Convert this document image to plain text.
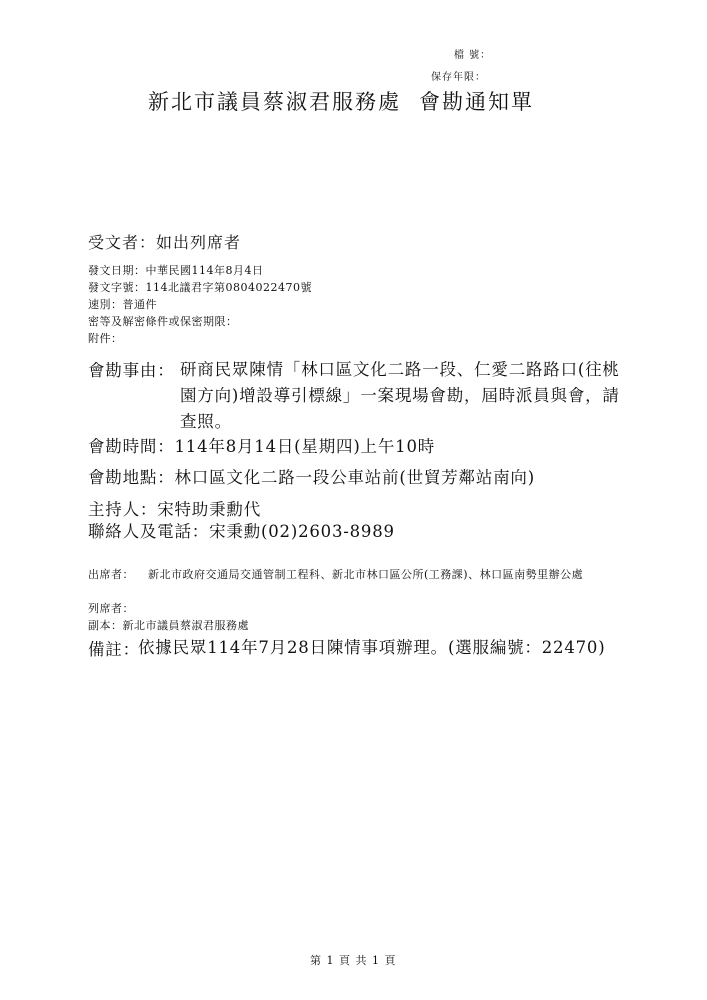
檔 號：
保存年限：
新北市議員蔡淑君服務處 會勘通知單
受文者：如出列席者
發文日期：中華民國114年8月4日
發文字號：114北議君字第0804022470號
速別：普通件
密等及解密條件或保密期限：
附件：
會勘事由： 研商民眾陳情「林口區文化二路一段、仁愛二路路口(往桃園方向)增設導引標線」一案現場會勘，屆時派員與會，請查照。
會勘時間：114年8月14日(星期四)上午10時
會勘地點：林口區文化二路一段公車站前(世貿芳鄰站南向)
主持人：宋特助秉勳代
聯絡人及電話：宋秉勳(02)2603-8989
出席者： 新北市政府交通局交通管制工程科、新北市林口區公所(工務課)、林口區南勢里辦公處
列席者：
副本：新北市議員蔡淑君服務處
備註：
依據民眾114年7月28日陳情事項辦理。(選服編號：22470)
第 1 頁 共 1 頁
